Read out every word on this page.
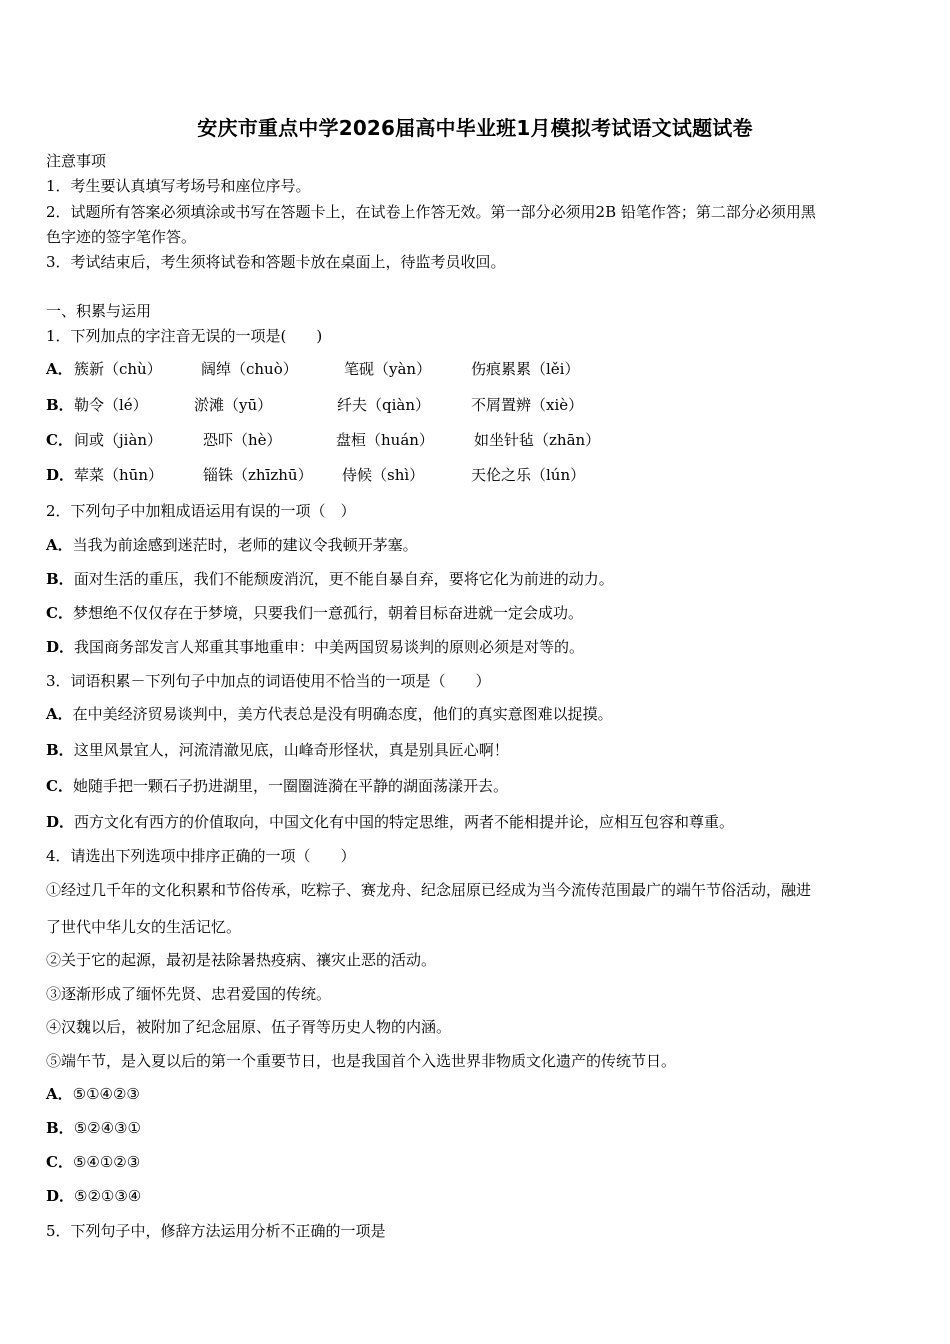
安庆市重点中学2026届高中毕业班1月模拟考试语文试题试卷
注意事项
1．考生要认真填写考场号和座位序号。
2．试题所有答案必须填涂或书写在答题卡上，在试卷上作答无效。第一部分必须用2B 铅笔作答；第二部分必须用黑
色字迹的签字笔作答。
3．考试结束后，考生须将试卷和答题卡放在桌面上，待监考员收回。
一、积累与运用
1．下列加点的字注音无误的一项是(　　)
A． 簇新（chù）	阔绰（chuò）	笔砚（yàn）	伤痕累累（lěi）
B． 勒令（lé）	淤滩（yū）	纤夫（qiàn）	不屑置辨（xiè）
C． 间或（jiàn）	恐吓（hè）	盘桓（huán）	如坐针毡（zhān）
D． 荤菜（hūn）	锱铢（zhīzhū） 侍候（shì）	天伦之乐（lún）
2．下列句子中加粗成语运用有误的一项（　）
A．当我为前途感到迷茫时，老师的建议令我顿开茅塞。
B．面对生活的重压，我们不能颓废消沉，更不能自暴自弃，要将它化为前进的动力。
C．梦想绝不仅仅存在于梦境，只要我们一意孤行，朝着目标奋进就一定会成功。
D．我国商务部发言人郑重其事地重申：中美两国贸易谈判的原则必须是对等的。
3．词语积累－下列句子中加点的词语使用不恰当的一项是（　　）
A．在中美经济贸易谈判中，美方代表总是没有明确态度，他们的真实意图难以捉摸。
B．这里风景宜人，河流清澈见底，山峰奇形怪状，真是别具匠心啊！
C．她随手把一颗石子扔进湖里，一圈圈涟漪在平静的湖面荡漾开去。
D．西方文化有西方的价值取向，中国文化有中国的特定思维，两者不能相提并论，应相互包容和尊重。
4．请选出下列选项中排序正确的一项（　　）
①经过几千年的文化积累和节俗传承，吃粽子、赛龙舟、纪念屈原已经成为当今流传范围最广的端午节俗活动，融进
了世代中华儿女的生活记忆。
②关于它的起源，最初是祛除暑热疫病、禳灾止恶的活动。
③逐渐形成了缅怀先贤、忠君爱国的传统。
④汉魏以后，被附加了纪念屈原、伍子胥等历史人物的内涵。
⑤端午节，是入夏以后的第一个重要节日，也是我国首个入选世界非物质文化遗产的传统节日。
A．⑤①④②③
B．⑤②④③①
C．⑤④①②③
D．⑤②①③④
5．下列句子中，修辞方法运用分析不正确的一项是
